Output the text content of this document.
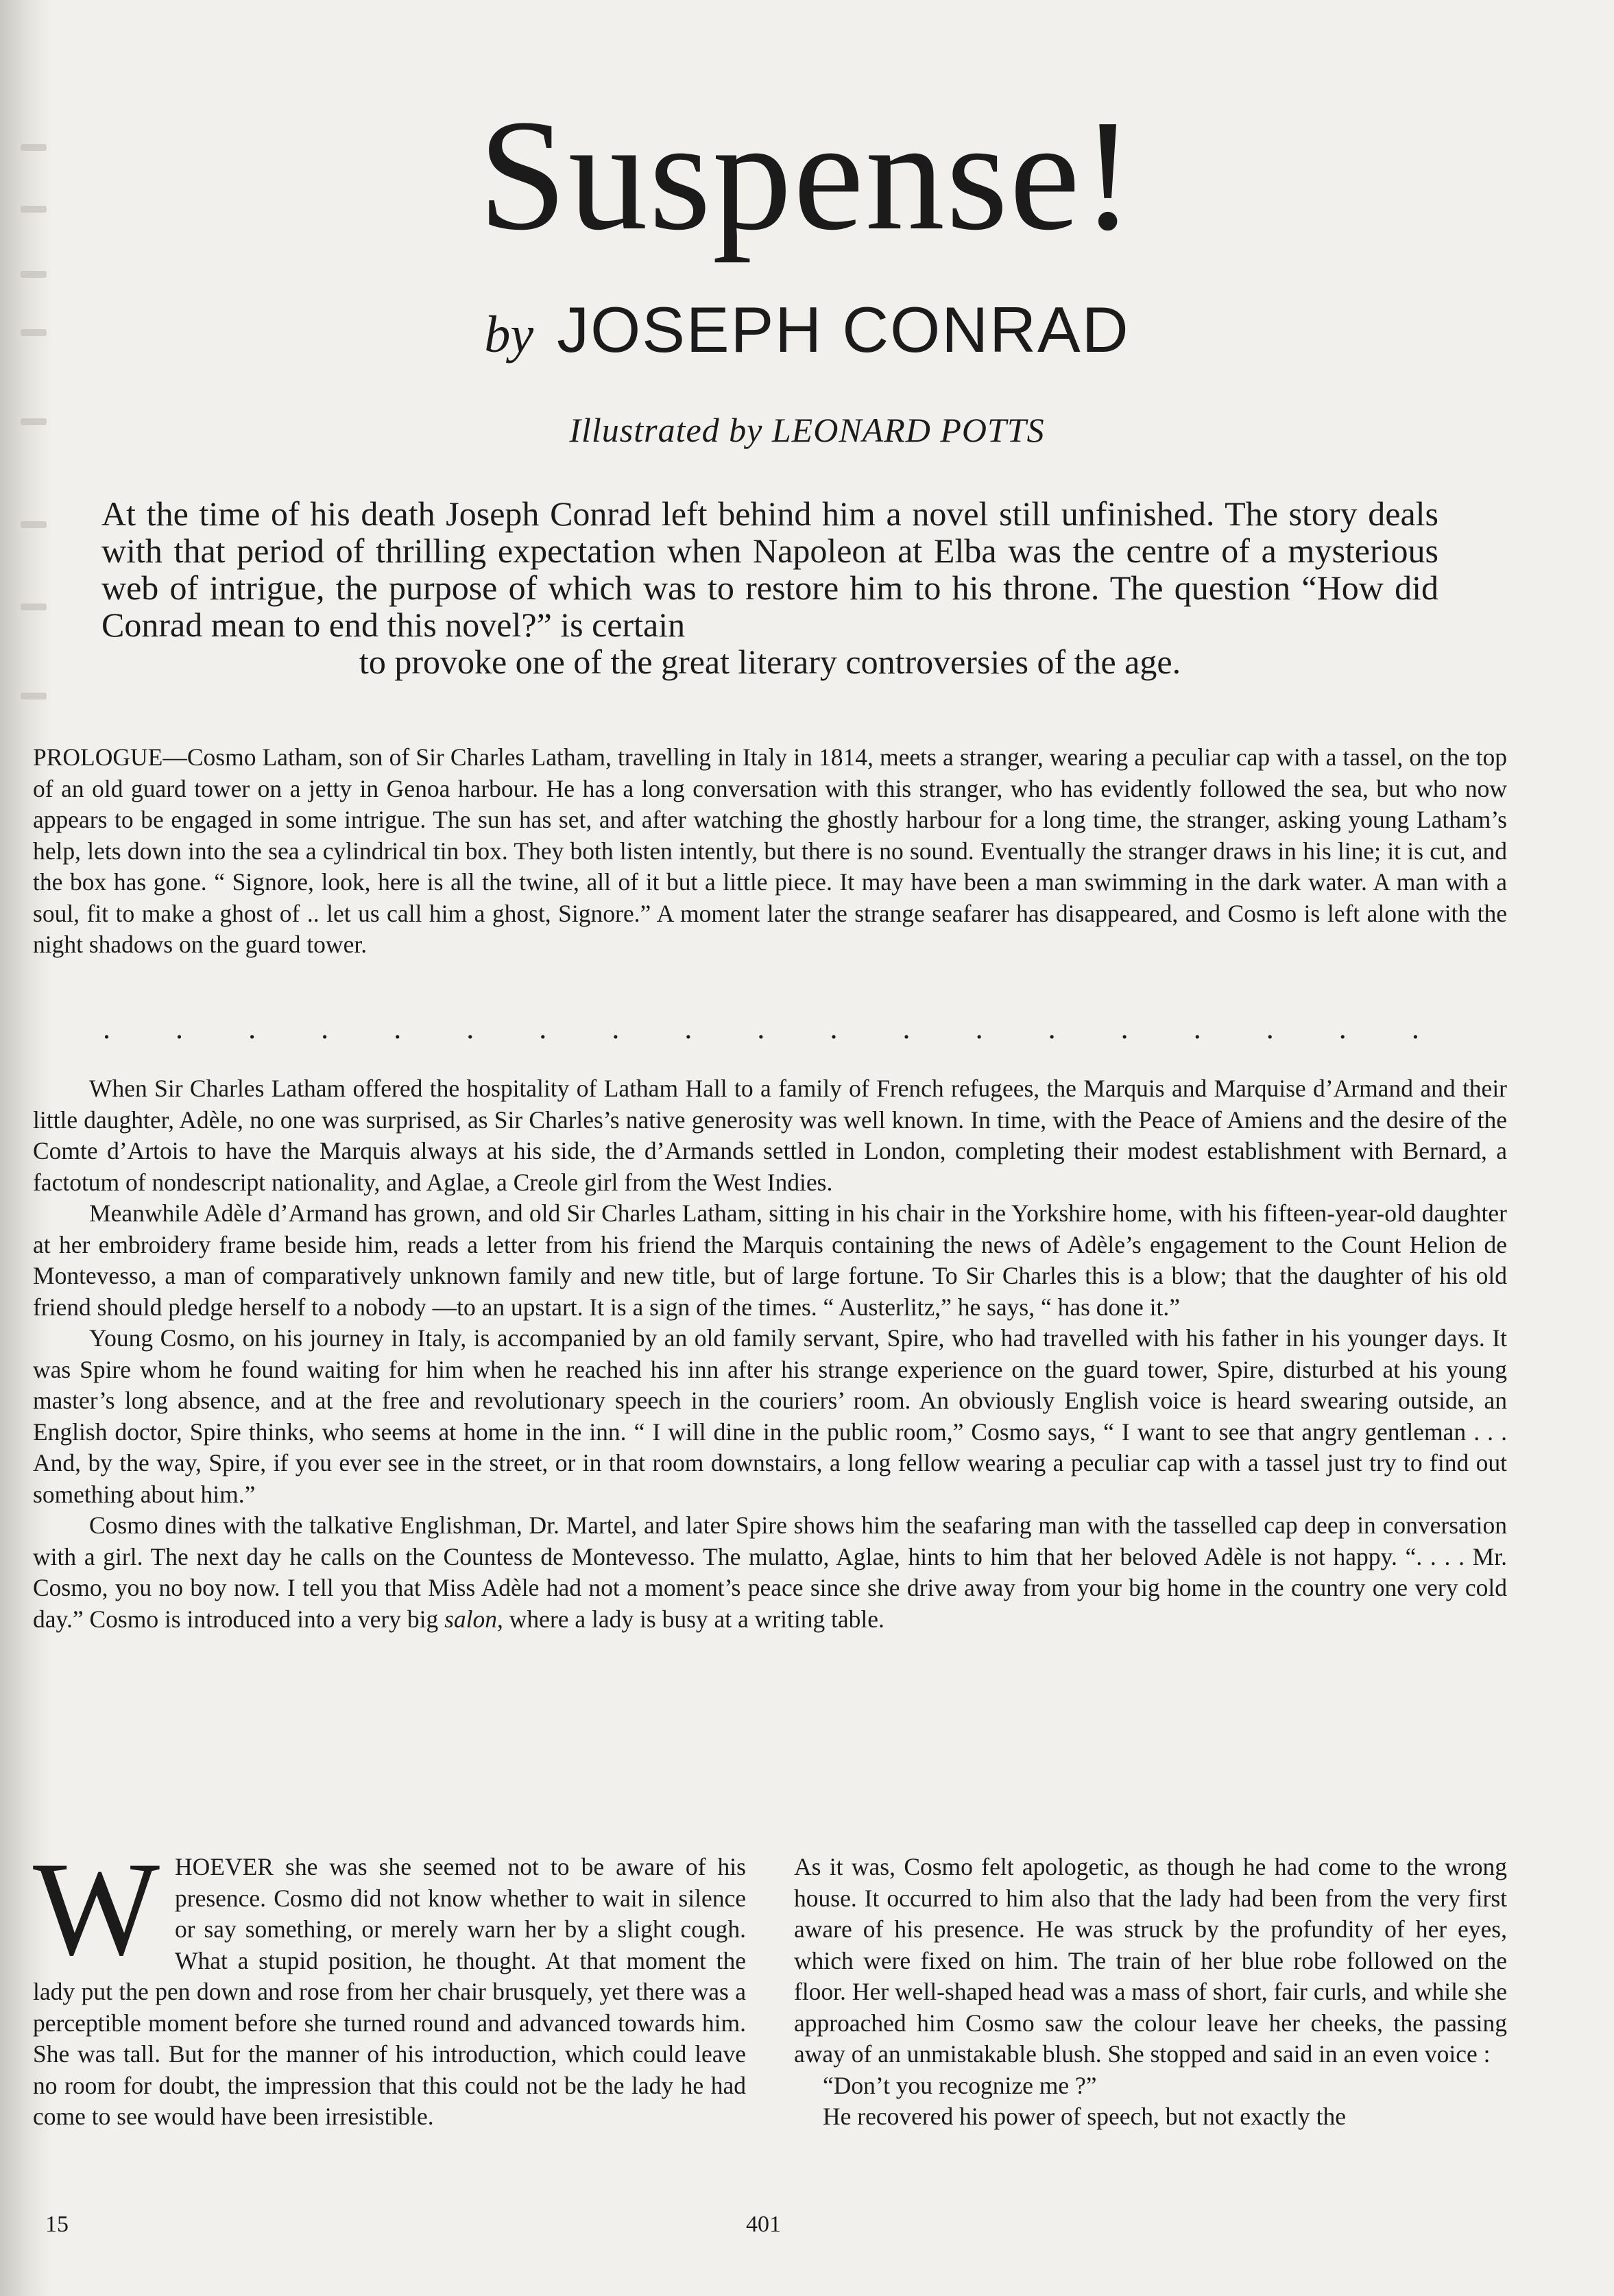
Suspense!
by JOSEPH CONRAD
Illustrated by LEONARD POTTS

At the time of his death Joseph Conrad left behind him a novel still unfinished. The story deals with that period of thrilling expectation when Napoleon at Elba was the centre of a mysterious web of intrigue, the purpose of which was to restore him to his throne. The question “How did Conrad mean to end this novel?” is certain
to provoke one of the great literary controversies of the age.

PROLOGUE—Cosmo Latham, son of Sir Charles Latham, travelling in Italy in 1814, meets a stranger, wearing a peculiar cap with a tassel, on the top of an old guard tower on a jetty in Genoa harbour. He has a long conversation with this stranger, who has evidently followed the sea, but who now appears to be engaged in some intrigue. The sun has set, and after watching the ghostly harbour for a long time, the stranger, asking young Latham’s help, lets down into the sea a cylindrical tin box. They both listen intently, but there is no sound. Eventually the stranger draws in his line; it is cut, and the box has gone. “ Signore, look, here is all the twine, all of it but a little piece. It may have been a man swimming in the dark water. A man with a soul, fit to make a ghost of .. let us call him a ghost, Signore.” A moment later the strange seafarer has disappeared, and Cosmo is left alone with the night shadows on the guard tower.

. . . . . . . . . . . . . . . . . . .

When Sir Charles Latham offered the hospitality of Latham Hall to a family of French refugees, the Marquis and Marquise d’Armand and their little daughter, Adèle, no one was surprised, as Sir Charles’s native generosity was well known. In time, with the Peace of Amiens and the desire of the Comte d’Artois to have the Marquis always at his side, the d’Armands settled in London, completing their modest establishment with Bernard, a factotum of nondescript nationality, and Aglae, a Creole girl from the West Indies.

Meanwhile Adèle d’Armand has grown, and old Sir Charles Latham, sitting in his chair in the Yorkshire home, with his fifteen-year-old daughter at her embroidery frame beside him, reads a letter from his friend the Marquis containing the news of Adèle’s engagement to the Count Helion de Montevesso, a man of comparatively unknown family and new title, but of large fortune. To Sir Charles this is a blow; that the daughter of his old friend should pledge herself to a nobody —to an upstart. It is a sign of the times. “ Austerlitz,” he says, “ has done it.”

Young Cosmo, on his journey in Italy, is accompanied by an old family servant, Spire, who had travelled with his father in his younger days. It was Spire whom he found waiting for him when he reached his inn after his strange experience on the guard tower, Spire, disturbed at his young master’s long absence, and at the free and revolutionary speech in the couriers’ room. An obviously English voice is heard swearing outside, an English doctor, Spire thinks, who seems at home in the inn. “ I will dine in the public room,” Cosmo says, “ I want to see that angry gentleman . . . And, by the way, Spire, if you ever see in the street, or in that room downstairs, a long fellow wearing a peculiar cap with a tassel just try to find out something about him.”

Cosmo dines with the talkative Englishman, Dr. Martel, and later Spire shows him the seafaring man with the tasselled cap deep in conversation with a girl. The next day he calls on the Countess de Montevesso. The mulatto, Aglae, hints to him that her beloved Adèle is not happy. “. . . . Mr. Cosmo, you no boy now. I tell you that Miss Adèle had not a moment’s peace since she drive away from your big home in the country one very cold day.” Cosmo is introduced into a very big salon, where a lady is busy at a writing table.

WHOEVER she was she seemed not to be aware of his presence. Cosmo did not know whether to wait in silence or say something, or merely warn her by a slight cough. What a stupid position, he thought. At that moment the lady put the pen down and rose from her chair brusquely, yet there was a perceptible moment before she turned round and advanced towards him. She was tall. But for the manner of his introduction, which could leave no room for doubt, the impression that this could not be the lady he had come to see would have been irresistible.

As it was, Cosmo felt apologetic, as though he had come to the wrong house. It occurred to him also that the lady had been from the very first aware of his presence. He was struck by the profundity of her eyes, which were fixed on him. The train of her blue robe followed on the floor. Her well-shaped head was a mass of short, fair curls, and while she approached him Cosmo saw the colour leave her cheeks, the passing away of an unmistakable blush. She stopped and said in an even voice :

“Don’t you recognize me ?”

He recovered his power of speech, but not exactly the

15	401
